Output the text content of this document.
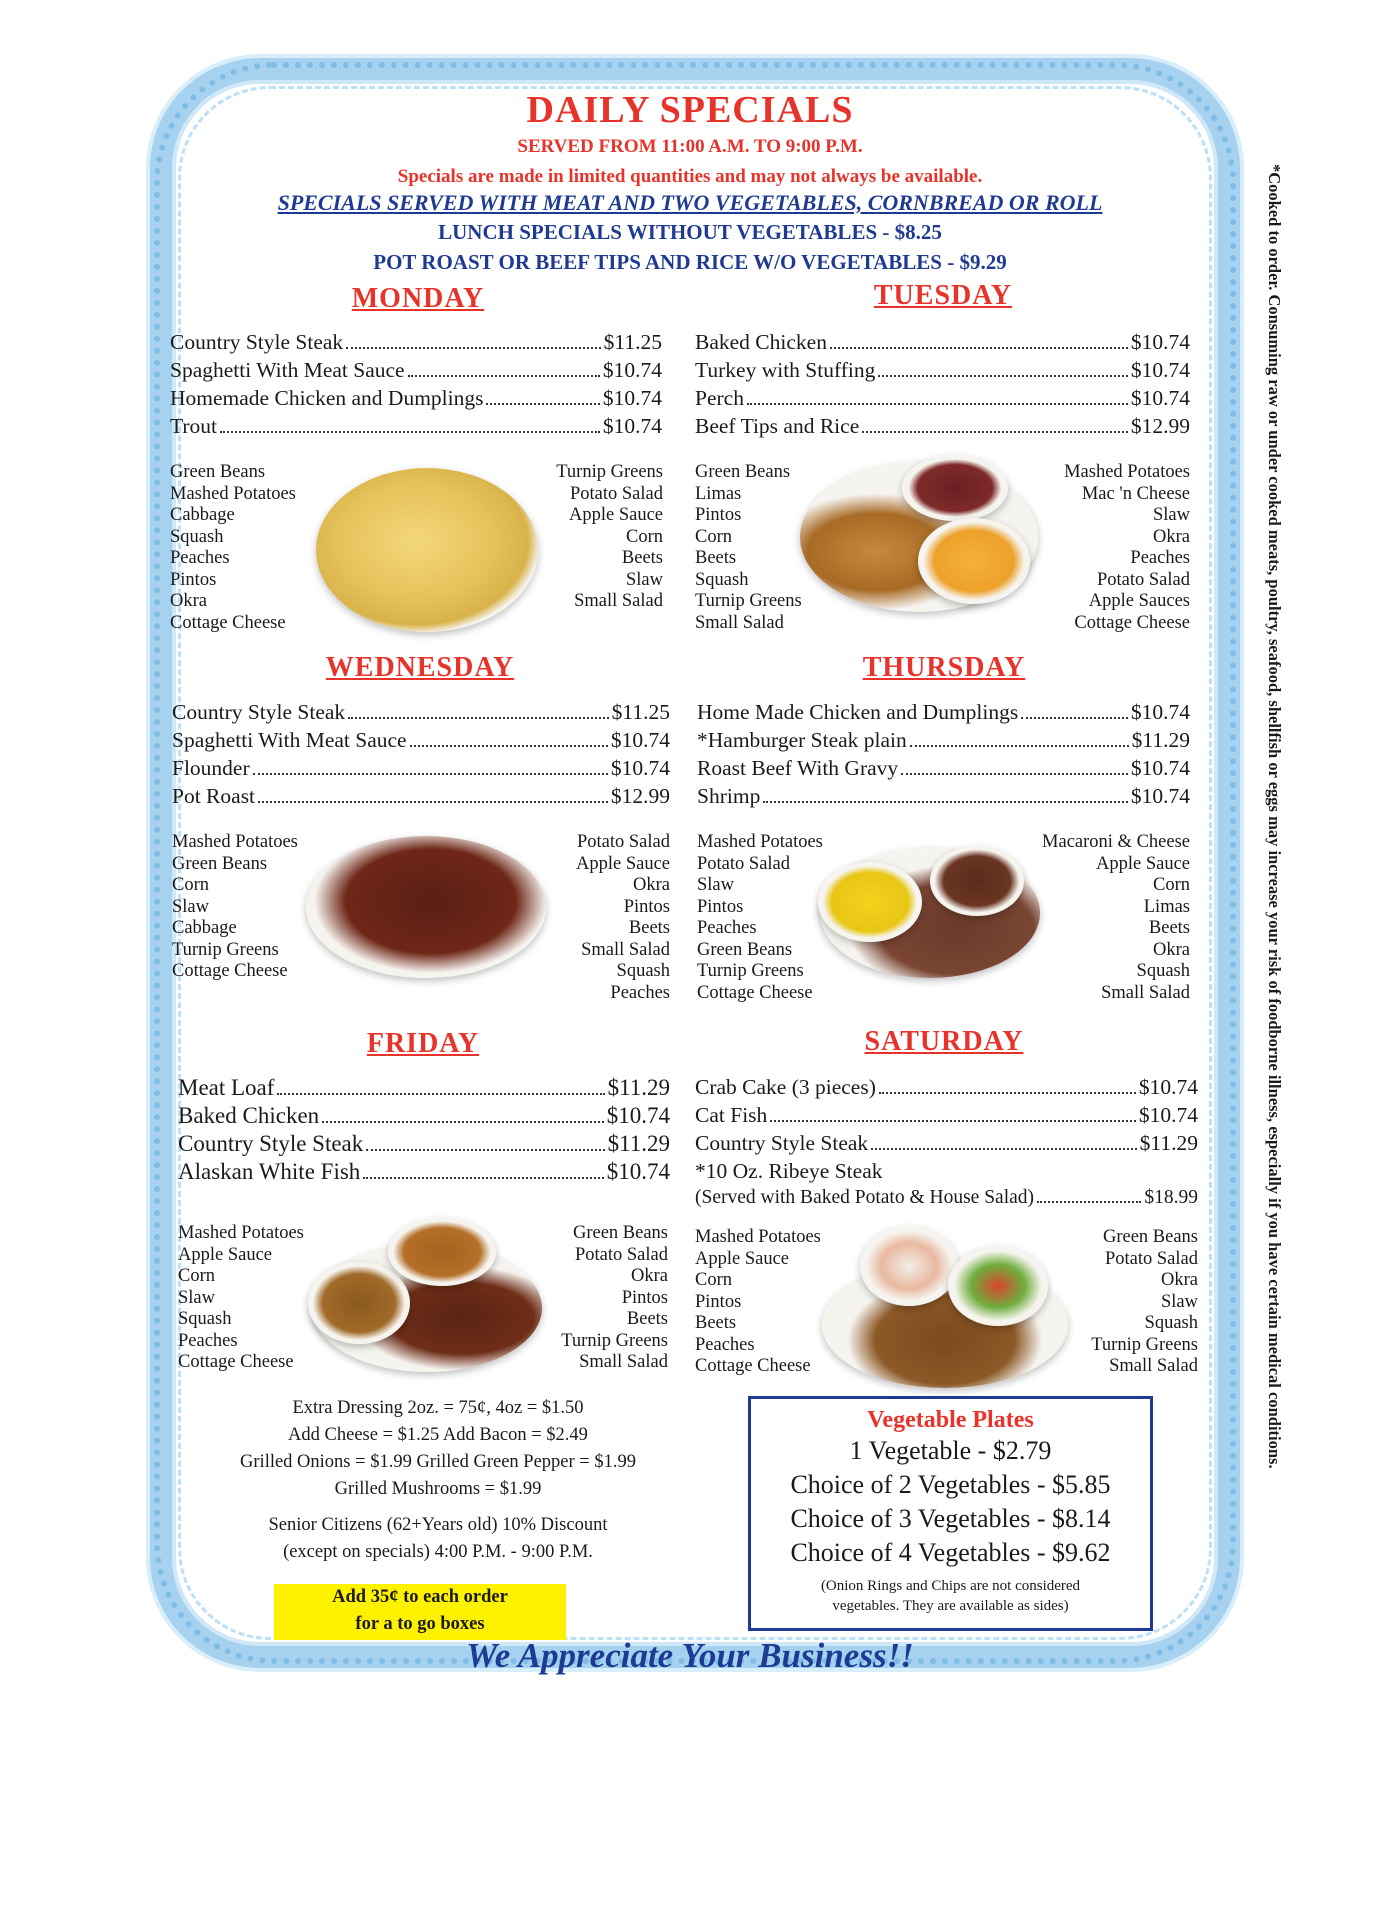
DAILY SPECIALS
SERVED FROM 11:00 A.M. TO 9:00 P.M.
Specials are made in limited quantities and may not always be available.
SPECIALS SERVED WITH MEAT AND TWO VEGETABLES, CORNBREAD OR ROLL
LUNCH SPECIALS WITHOUT VEGETABLES - $8.25
POT ROAST OR BEEF TIPS AND RICE W/O VEGETABLES - $9.29
MONDAY
Country Style Steak	$11.25
Spaghetti With Meat Sauce	$10.74
Homemade Chicken and Dumplings	$10.74
Trout	$10.74
Green Beans
Mashed Potatoes
Cabbage
Squash
Peaches
Pintos
Okra
Cottage Cheese
Turnip Greens
Potato Salad
Apple Sauce
Corn
Beets
Slaw
Small Salad
TUESDAY
Baked Chicken	$10.74
Turkey with Stuffing	$10.74
Perch	$10.74
Beef Tips and Rice	$12.99
Green Beans
Limas
Pintos
Corn
Beets
Squash
Turnip Greens
Small Salad
Mashed Potatoes
Mac 'n Cheese
Slaw
Okra
Peaches
Potato Salad
Apple Sauces
Cottage Cheese
WEDNESDAY
Country Style Steak	$11.25
Spaghetti With Meat Sauce	$10.74
Flounder	$10.74
Pot Roast	$12.99
Mashed Potatoes
Green Beans
Corn
Slaw
Cabbage
Turnip Greens
Cottage Cheese
Potato Salad
Apple Sauce
Okra
Pintos
Beets
Small Salad
Squash
Peaches
THURSDAY
Home Made Chicken and Dumplings	$10.74
*Hamburger Steak plain	$11.29
Roast Beef With Gravy	$10.74
Shrimp	$10.74
Mashed Potatoes
Potato Salad
Slaw
Pintos
Peaches
Green Beans
Turnip Greens
Cottage Cheese
Macaroni & Cheese
Apple Sauce
Corn
Limas
Beets
Okra
Squash
Small Salad
FRIDAY
Meat Loaf	$11.29
Baked Chicken	$10.74
Country Style Steak	$11.29
Alaskan White Fish	$10.74
Mashed Potatoes
Apple Sauce
Corn
Slaw
Squash
Peaches
Cottage Cheese
Green Beans
Potato Salad
Okra
Pintos
Beets
Turnip Greens
Small Salad
SATURDAY
Crab Cake (3 pieces)	$10.74
Cat Fish	$10.74
Country Style Steak	$11.29
*10 Oz. Ribeye Steak
(Served with Baked Potato & House Salad)	$18.99
Mashed Potatoes
Apple Sauce
Corn
Pintos
Beets
Peaches
Cottage Cheese
Green Beans
Potato Salad
Okra
Slaw
Squash
Turnip Greens
Small Salad
Extra Dressing 2oz. = 75¢, 4oz = $1.50
Add Cheese = $1.25 Add Bacon = $2.49
Grilled Onions = $1.99 Grilled Green Pepper = $1.99
Grilled Mushrooms = $1.99
Senior Citizens (62+Years old) 10% Discount
(except on specials) 4:00 P.M. - 9:00 P.M.
Add 35¢ to each order
for a to go boxes
Vegetable Plates
1 Vegetable - $2.79
Choice of 2 Vegetables - $5.85
Choice of 3 Vegetables - $8.14
Choice of 4 Vegetables - $9.62
(Onion Rings and Chips are not considered
vegetables. They are available as sides)
We Appreciate Your Business!!
*Cooked to order. Consuming raw or under cooked meats, poultry, seafood, shellfish or eggs may increase your risk of foodborne illness, especially if you have certain medical conditions.
